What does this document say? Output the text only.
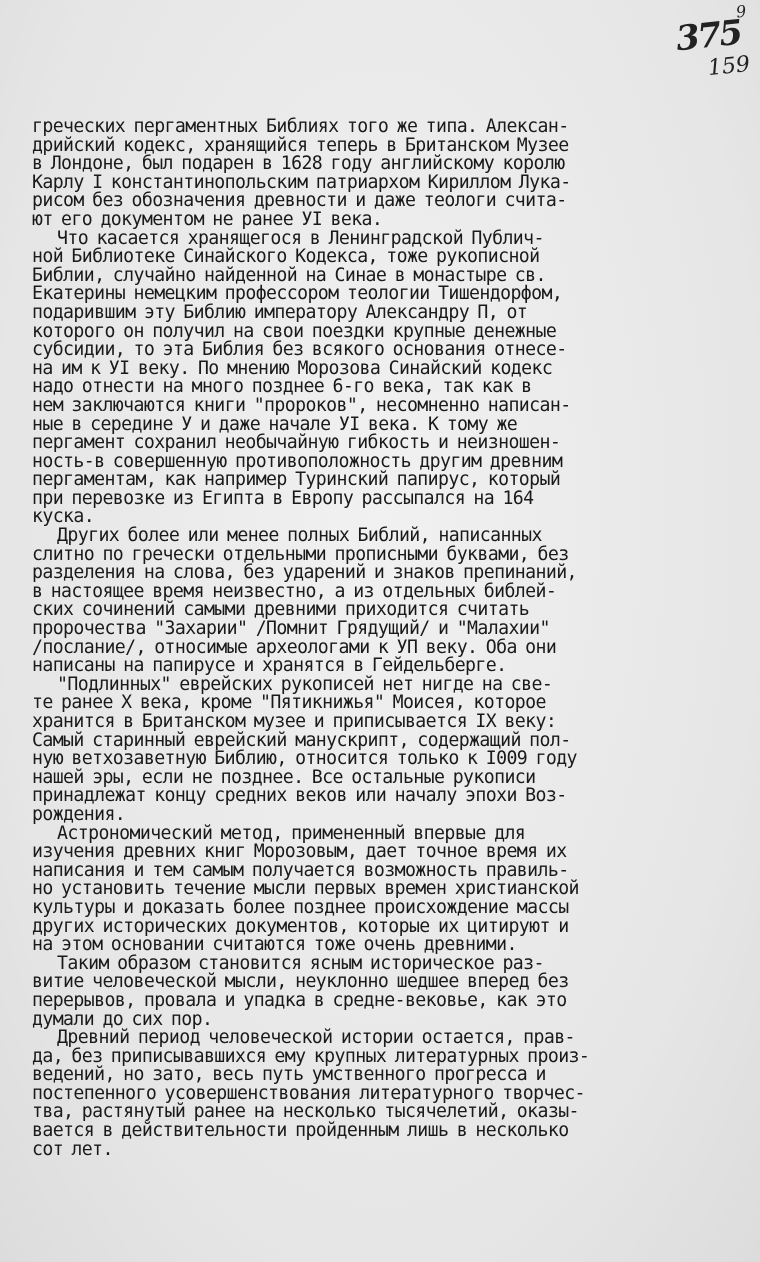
9
375
159
греческих пергаментных Библиях того же типа. Алексан-
дрийский кодекс, хранящийся теперь в Британском Музее
в Лондоне, был подарен в 1628 году английскому королю
Карлу I константинопольским патриархом Кириллом Лука-
рисом без обозначения древности и даже теологи счита-
ют его документом не ранее УI века.
Что касается хранящегося в Ленинградской Публич-
ной Библиотеке Синайского Кодекса, тоже рукописной
Библии, случайно найденной на Синае в монастыре св.
Екатерины немецким профессором теологии Тишендорфом,
подарившим эту Библию императору Александру П, от
которого он получил на свои поездки крупные денежные
субсидии, то эта Библия без всякого основания отнесе-
на им к УI веку. По мнению Морозова Синайский кодекс
надо отнести на много позднее 6-го века, так как в
нем заключаются книги "пророков", несомненно написан-
ные в середине У и даже начале УI века. К тому же
пергамент сохранил необычайную гибкость и неизношен-
ность-в совершенную противоположность другим древним
пергаментам, как например Туринский папирус, который
при перевозке из Египта в Европу рассыпался на 164
куска.
Других более или менее полных Библий, написанных
слитно по гречески отдельными прописными буквами, без
разделения на слова, без ударений и знаков препинаний,
в настоящее время неизвестно, а из отдельных библей-
ских сочинений самыми древними приходится считать
пророчества "Захарии" /Помнит Грядущий/ и "Малахии"
/послание/, относимые археологами к УП веку. Оба они
написаны на папирусе и хранятся в Гейдельберге.
"Подлинных" еврейских рукописей нет нигде на све-
те ранее Х века, кроме "Пятикнижья" Моисея, которое
хранится в Британском музее и приписывается IX веку:
Самый старинный еврейский манускрипт, содержащий пол-
ную ветхозаветную Библию, относится только к I009 году
нашей эры, если не позднее. Все остальные рукописи
принадлежат концу средних веков или началу эпохи Воз-
рождения.
Астрономический метод, примененный впервые для
изучения древних книг Морозовым, дает точное время их
написания и тем самым получается возможность правиль-
но установить течение мысли первых времен христианской
культуры и доказать более позднее происхождение массы
других исторических документов, которые их цитируют и
на этом основании считаются тоже очень древними.
Таким образом становится ясным историческое раз-
витие человеческой мысли, неуклонно шедшее вперед без
перерывов, провала и упадка в средне-вековье, как это
думали до сих пор.
Древний период человеческой истории остается, прав-
да, без приписывавшихся ему крупных литературных произ-
ведений, но зато, весь путь умственного прогресса и
постепенного усовершенствования литературного творчес-
тва, растянутый ранее на несколько тысячелетий, оказы-
вается в действительности пройденным лишь в несколько
сот лет.
